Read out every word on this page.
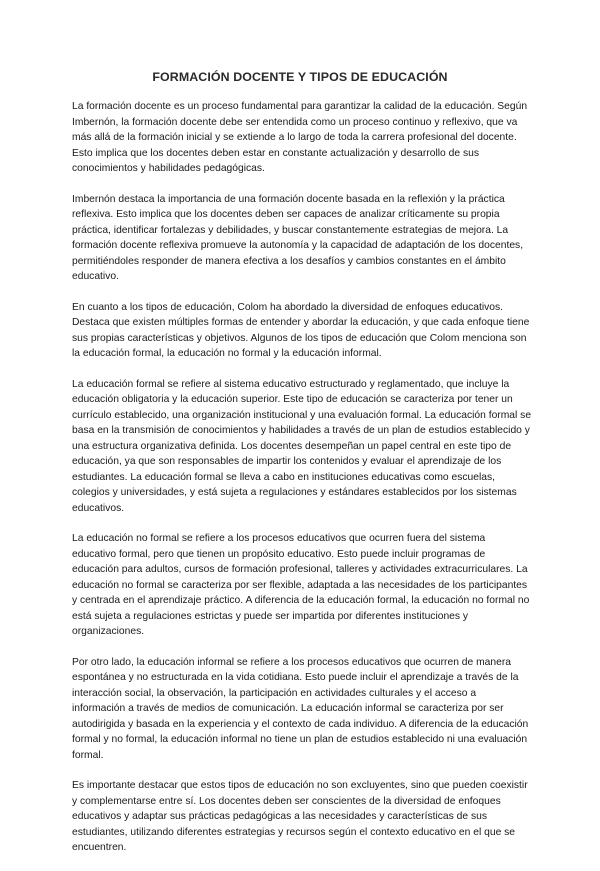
FORMACIÓN DOCENTE Y TIPOS DE EDUCACIÓN

La formación docente es un proceso fundamental para garantizar la calidad de la educación. Según Imbernón, la formación docente debe ser entendida como un proceso continuo y reflexivo, que va más allá de la formación inicial y se extiende a lo largo de toda la carrera profesional del docente. Esto implica que los docentes deben estar en constante actualización y desarrollo de sus conocimientos y habilidades pedagógicas.

Imbernón destaca la importancia de una formación docente basada en la reflexión y la práctica reflexiva. Esto implica que los docentes deben ser capaces de analizar críticamente su propia práctica, identificar fortalezas y debilidades, y buscar constantemente estrategias de mejora. La formación docente reflexiva promueve la autonomía y la capacidad de adaptación de los docentes, permitiéndoles responder de manera efectiva a los desafíos y cambios constantes en el ámbito educativo.

En cuanto a los tipos de educación, Colom ha abordado la diversidad de enfoques educativos. Destaca que existen múltiples formas de entender y abordar la educación, y que cada enfoque tiene sus propias características y objetivos. Algunos de los tipos de educación que Colom menciona son la educación formal, la educación no formal y la educación informal.

La educación formal se refiere al sistema educativo estructurado y reglamentado, que incluye la educación obligatoria y la educación superior. Este tipo de educación se caracteriza por tener un currículo establecido, una organización institucional y una evaluación formal. La educación formal se basa en la transmisión de conocimientos y habilidades a través de un plan de estudios establecido y una estructura organizativa definida. Los docentes desempeñan un papel central en este tipo de educación, ya que son responsables de impartir los contenidos y evaluar el aprendizaje de los estudiantes. La educación formal se lleva a cabo en instituciones educativas como escuelas, colegios y universidades, y está sujeta a regulaciones y estándares establecidos por los sistemas educativos.

La educación no formal se refiere a los procesos educativos que ocurren fuera del sistema educativo formal, pero que tienen un propósito educativo. Esto puede incluir programas de educación para adultos, cursos de formación profesional, talleres y actividades extracurriculares. La educación no formal se caracteriza por ser flexible, adaptada a las necesidades de los participantes y centrada en el aprendizaje práctico. A diferencia de la educación formal, la educación no formal no está sujeta a regulaciones estrictas y puede ser impartida por diferentes instituciones y organizaciones.

Por otro lado, la educación informal se refiere a los procesos educativos que ocurren de manera espontánea y no estructurada en la vida cotidiana. Esto puede incluir el aprendizaje a través de la interacción social, la observación, la participación en actividades culturales y el acceso a información a través de medios de comunicación. La educación informal se caracteriza por ser autodirigida y basada en la experiencia y el contexto de cada individuo. A diferencia de la educación formal y no formal, la educación informal no tiene un plan de estudios establecido ni una evaluación formal.

Es importante destacar que estos tipos de educación no son excluyentes, sino que pueden coexistir y complementarse entre sí. Los docentes deben ser conscientes de la diversidad de enfoques educativos y adaptar sus prácticas pedagógicas a las necesidades y características de sus estudiantes, utilizando diferentes estrategias y recursos según el contexto educativo en el que se encuentren.
